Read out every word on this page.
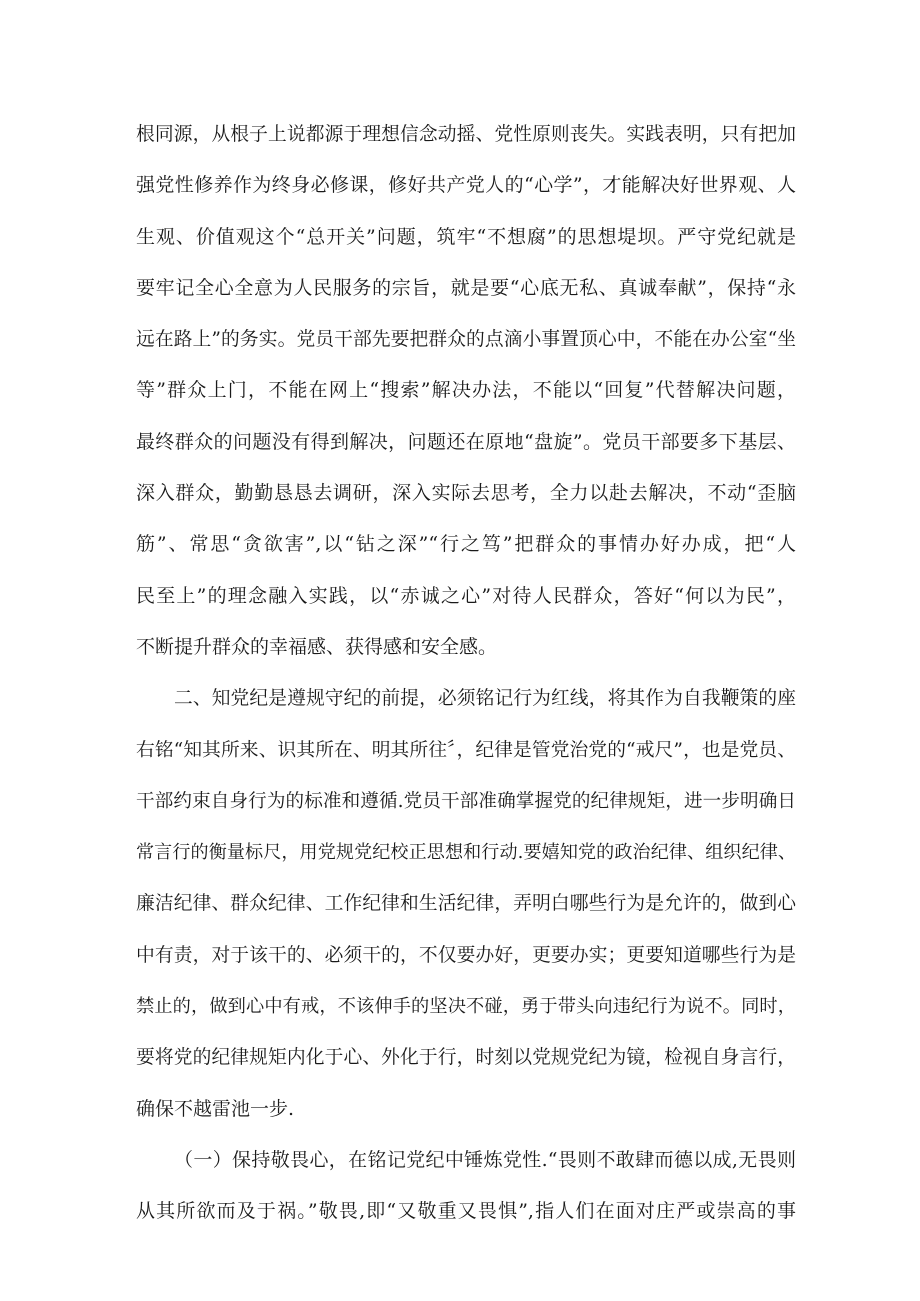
根同源，从根子上说都源于理想信念动摇、党性原则丧失。实践表明，只有把加
强党性修养作为终身必修课，修好共产党人的“心学”，才能解决好世界观、人
生观、价值观这个“总开关”问题，筑牢“不想腐”的思想堤坝。严守党纪就是
要牢记全心全意为人民服务的宗旨，就是要“心底无私、真诚奉献”，保持“永
远在路上”的务实。党员干部先要把群众的点滴小事置顶心中，不能在办公室“坐
等”群众上门，不能在网上“搜索”解决办法，不能以“回复”代替解决问题，
最终群众的问题没有得到解决，问题还在原地“盘旋”。党员干部要多下基层、
深入群众，勤勤恳恳去调研，深入实际去思考，全力以赴去解决，不动“歪脑
筋”、常思“贪欲害”,以“钻之深”“行之笃”把群众的事情办好办成，把“人
民至上”的理念融入实践，以“赤诚之心”对待人民群众，答好“何以为民”，
不断提升群众的幸福感、获得感和安全感。
二、知党纪是遵规守纪的前提，必须铭记行为红线，将其作为自我鞭策的座
右铭“知其所来、识其所在、明其所往〞，纪律是管党治党的“戒尺”，也是党员、
干部约束自身行为的标准和遵循.党员干部准确掌握党的纪律规矩，进一步明确日
常言行的衡量标尺，用党规党纪校正思想和行动.要嬉知党的政治纪律、组织纪律、
廉洁纪律、群众纪律、工作纪律和生活纪律，弄明白哪些行为是允许的，做到心
中有责，对于该干的、必须干的，不仅要办好，更要办实；更要知道哪些行为是
禁止的，做到心中有戒，不该伸手的坚决不碰，勇于带头向违纪行为说不。同时，
要将党的纪律规矩内化于心、外化于行，时刻以党规党纪为镜，检视自身言行，
确保不越雷池一步.
（一）保持敬畏心，在铭记党纪中锤炼党性.“畏则不敢肆而德以成,无畏则
从其所欲而及于祸。”敬畏,即“又敬重又畏惧”,指人们在面对庄严或崇高的事
